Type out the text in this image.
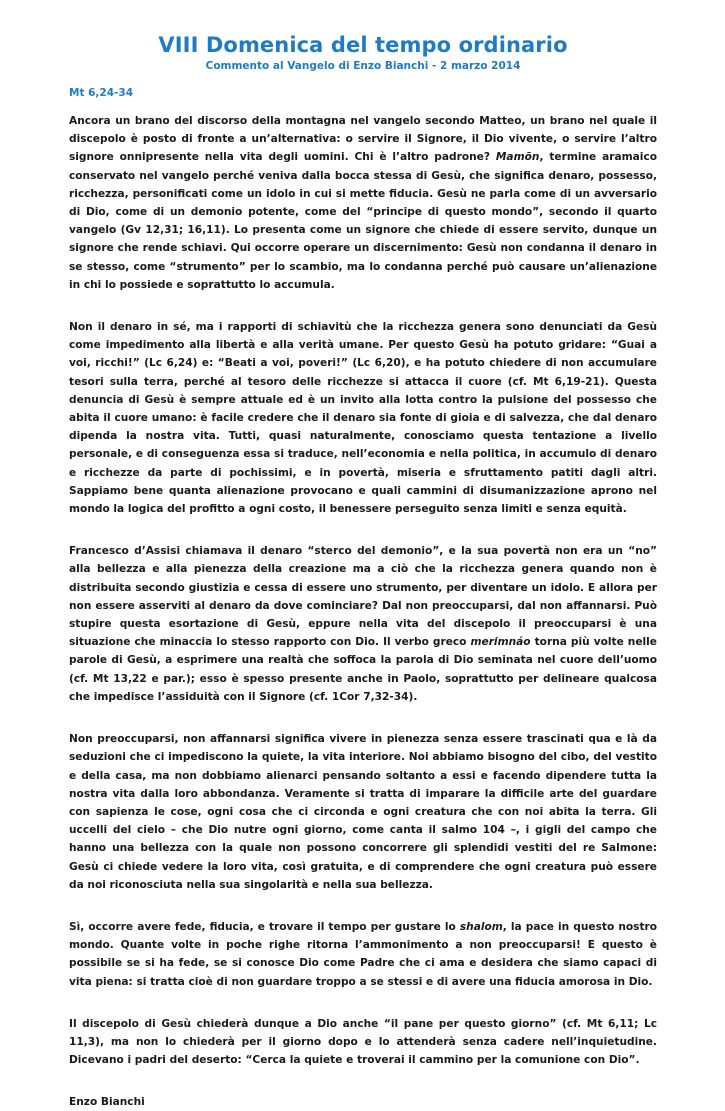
VIII Domenica del tempo ordinario
Commento al Vangelo di Enzo Bianchi - 2 marzo 2014
Mt 6,24-34

Ancora un brano del discorso della montagna nel vangelo secondo Matteo, un brano nel quale il discepolo è posto di fronte a un’alternativa: o servire il Signore, il Dio vivente, o servire l’altro signore onnipresente nella vita degli uomini. Chi è l’altro padrone? Mamōn, termine aramaico conservato nel vangelo perché veniva dalla bocca stessa di Gesù, che significa denaro, possesso, ricchezza, personificati come un idolo in cui si mette fiducia. Gesù ne parla come di un avversario di Dio, come di un demonio potente, come del “principe di questo mondo”, secondo il quarto vangelo (Gv 12,31; 16,11). Lo presenta come un signore che chiede di essere servito, dunque un signore che rende schiavi. Qui occorre operare un discernimento: Gesù non condanna il denaro in se stesso, come “strumento” per lo scambio, ma lo condanna perché può causare un’alienazione in chi lo possiede e soprattutto lo accumula.

Non il denaro in sé, ma i rapporti di schiavitù che la ricchezza genera sono denunciati da Gesù come impedimento alla libertà e alla verità umane. Per questo Gesù ha potuto gridare: “Guai a voi, ricchi!” (Lc 6,24) e: “Beati a voi, poveri!” (Lc 6,20), e ha potuto chiedere di non accumulare tesori sulla terra, perché al tesoro delle ricchezze si attacca il cuore (cf. Mt 6,19-21). Questa denuncia di Gesù è sempre attuale ed è un invito alla lotta contro la pulsione del possesso che abita il cuore umano: è facile credere che il denaro sia fonte di gioia e di salvezza, che dal denaro dipenda la nostra vita. Tutti, quasi naturalmente, conosciamo questa tentazione a livello personale, e di conseguenza essa si traduce, nell’economia e nella politica, in accumulo di denaro e ricchezze da parte di pochissimi, e in povertà, miseria e sfruttamento patiti dagli altri. Sappiamo bene quanta alienazione provocano e quali cammini di disumanizzazione aprono nel mondo la logica del profitto a ogni costo, il benessere perseguito senza limiti e senza equità.

Francesco d’Assisi chiamava il denaro “sterco del demonio”, e la sua povertà non era un “no” alla bellezza e alla pienezza della creazione ma a ciò che la ricchezza genera quando non è distribuita secondo giustizia e cessa di essere uno strumento, per diventare un idolo. E allora per non essere asserviti al denaro da dove cominciare? Dal non preoccuparsi, dal non affannarsi. Può stupire questa esortazione di Gesù, eppure nella vita del discepolo il preoccuparsi è una situazione che minaccia lo stesso rapporto con Dio. Il verbo greco merimnáo torna più volte nelle parole di Gesù, a esprimere una realtà che soffoca la parola di Dio seminata nel cuore dell’uomo (cf. Mt 13,22 e par.); esso è spesso presente anche in Paolo, soprattutto per delineare qualcosa che impedisce l’assiduità con il Signore (cf. 1Cor 7,32-34).

Non preoccuparsi, non affannarsi significa vivere in pienezza senza essere trascinati qua e là da seduzioni che ci impediscono la quiete, la vita interiore. Noi abbiamo bisogno del cibo, del vestito e della casa, ma non dobbiamo alienarci pensando soltanto a essi e facendo dipendere tutta la nostra vita dalla loro abbondanza. Veramente si tratta di imparare la difficile arte del guardare con sapienza le cose, ogni cosa che ci circonda e ogni creatura che con noi abita la terra. Gli uccelli del cielo – che Dio nutre ogni giorno, come canta il salmo 104 –, i gigli del campo che hanno una bellezza con la quale non possono concorrere gli splendidi vestiti del re Salmone: Gesù ci chiede vedere la loro vita, così gratuita, e di comprendere che ogni creatura può essere da noi riconosciuta nella sua singolarità e nella sua bellezza.

Sì, occorre avere fede, fiducia, e trovare il tempo per gustare lo shalom, la pace in questo nostro mondo. Quante volte in poche righe ritorna l’ammonimento a non preoccuparsi! E questo è possibile se si ha fede, se si conosce Dio come Padre che ci ama e desidera che siamo capaci di vita piena: si tratta cioè di non guardare troppo a se stessi e di avere una fiducia amorosa in Dio.

Il discepolo di Gesù chiederà dunque a Dio anche “il pane per questo giorno” (cf. Mt 6,11; Lc 11,3), ma non lo chiederà per il giorno dopo e lo attenderà senza cadere nell’inquietudine. Dicevano i padri del deserto: “Cerca la quiete e troverai il cammino per la comunione con Dio”.

Enzo Bianchi
